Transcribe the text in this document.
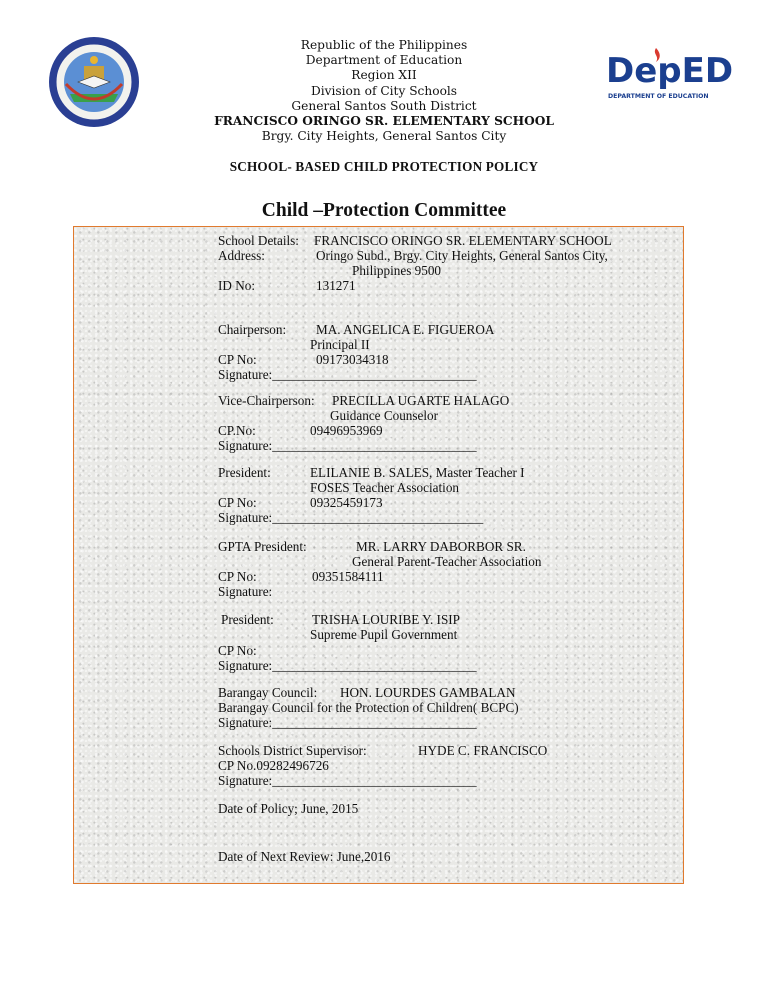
DepED
DEPARTMENT OF EDUCATION
Republic of the Philippines
Department of Education
Region XII
Division of City Schools
General Santos South District
FRANCISCO ORINGO SR. ELEMENTARY SCHOOL
Brgy. City Heights, General Santos City
SCHOOL- BASED CHILD PROTECTION POLICY
Child –Protection Committee
School Details: FRANCISCO ORINGO SR. ELEMENTARY SCHOOL
Address:	Oringo Subd., Brgy. City Heights, General Santos City,
Philippines 9500
ID No:	131271
Chairperson: MA. ANGELICA E. FIGUEROA
Principal II
CP No:	09173034318
Signature:_______________________________
Vice-Chairperson: PRECILLA UGARTE HALAGO
Guidance Counselor
CP.No:	09496953969
Signature:_______________________________
President:	ELILANIE B. SALES, Master Teacher I
FOSES Teacher Association
CP No:	09325459173
Signature:________________________________
GPTA President:	MR. LARRY DABORBOR SR.
General Parent-Teacher Association
CP No:	09351584111
Signature:
President:	TRISHA LOURIBE Y. ISIP
Supreme Pupil Government
CP No:
Signature:_______________________________
Barangay Council: HON. LOURDES GAMBALAN
Barangay Council for the Protection of Children( BCPC)
Signature:_______________________________
Schools District Supervisor:	HYDE C. FRANCISCO
CP No.09282496726
Signature:_______________________________
Date of Policy; June, 2015
Date of Next Review: June,2016
